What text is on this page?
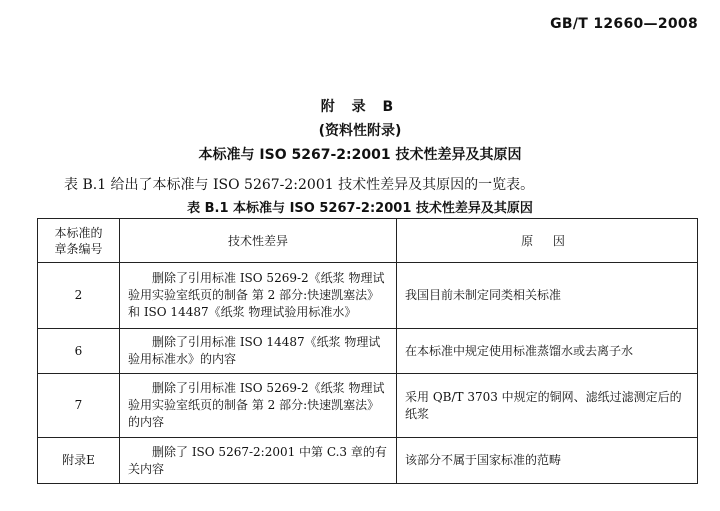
GB/T 12660—2008
附 录 B
(资料性附录)
本标准与 ISO 5267-2:2001 技术性差异及其原因
表 B.1 给出了本标准与 ISO 5267-2:2001 技术性差异及其原因的一览表。
表 B.1 本标准与 ISO 5267-2:2001 技术性差异及其原因
本标准的
章条编号	技术性差异	原 因
2	删除了引用标准 ISO 5269-2《纸浆 物理试验用实验室纸页的制备 第 2 部分:快速凯塞法》和 ISO 14487《纸浆 物理试验用标准水》	我国目前未制定同类相关标准
6	删除了引用标准 ISO 14487《纸浆 物理试验用标准水》的内容	在本标准中规定使用标准蒸馏水或去离子水
7	删除了引用标准 ISO 5269-2《纸浆 物理试验用实验室纸页的制备 第 2 部分:快速凯塞法》的内容	采用 QB/T 3703 中规定的铜网、滤纸过滤测定后的纸浆
附录E	删除了 ISO 5267-2:2001 中第 C.3 章的有关内容	该部分不属于国家标准的范畴
